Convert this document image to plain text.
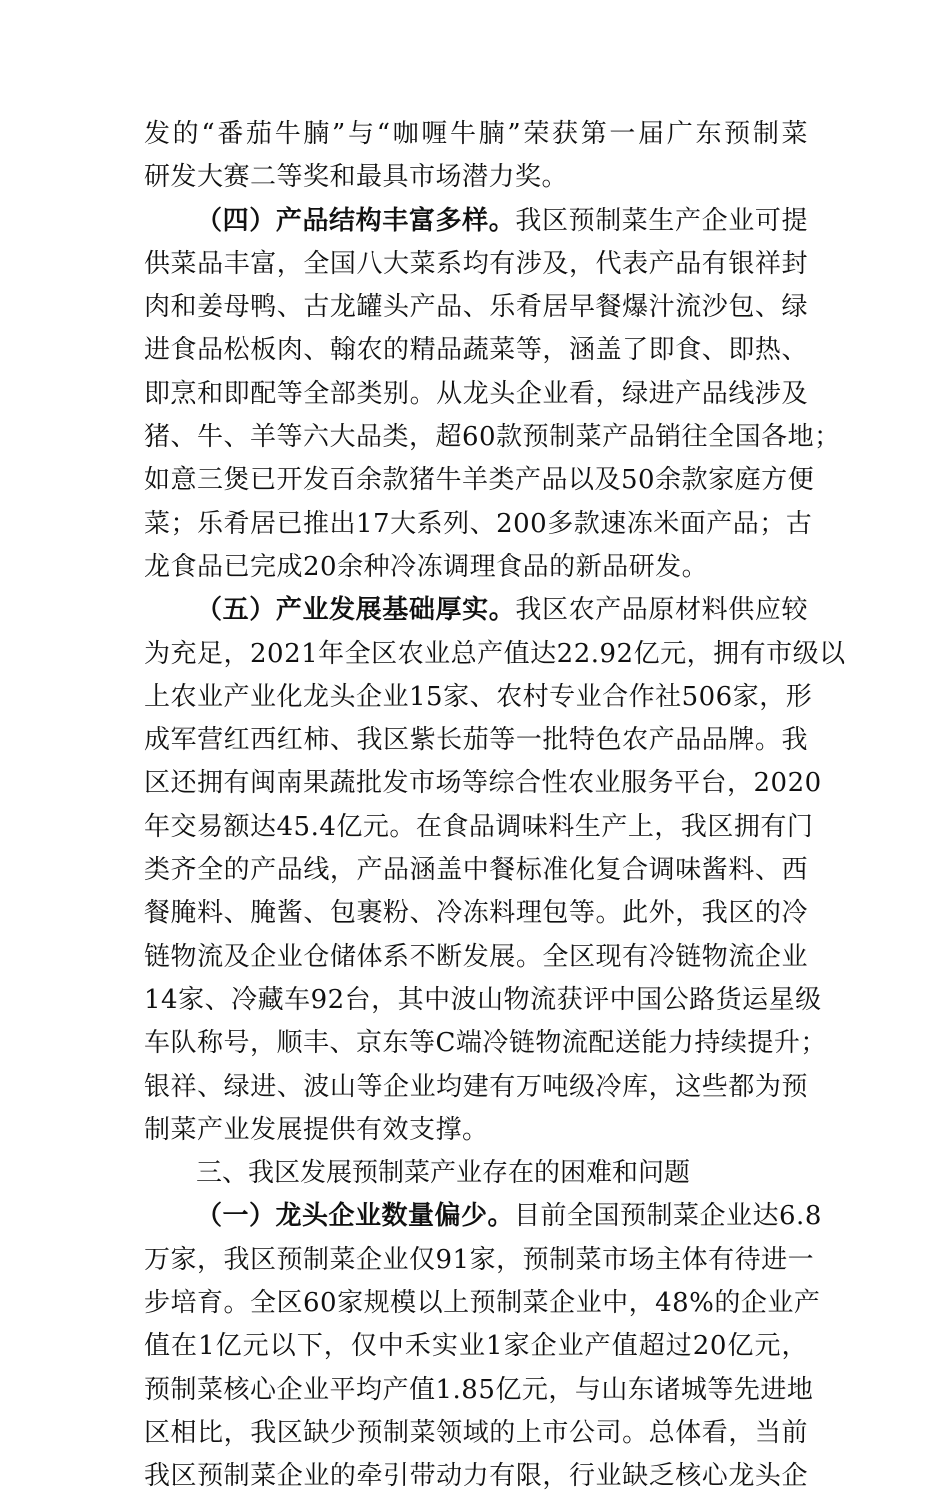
发的“番茄牛腩”与“咖喱牛腩”荣获第一届广东预制菜
研发大赛二等奖和最具市场潜力奖。
（四）产品结构丰富多样。我区预制菜生产企业可提
供菜品丰富，全国八大菜系均有涉及，代表产品有银祥封
肉和姜母鸭、古龙罐头产品、乐肴居早餐爆汁流沙包、绿
进食品松板肉、翰农的精品蔬菜等，涵盖了即食、即热、
即烹和即配等全部类别。从龙头企业看，绿进产品线涉及
猪、牛、羊等六大品类，超60款预制菜产品销往全国各地；
如意三煲已开发百余款猪牛羊类产品以及50余款家庭方便
菜；乐肴居已推出17大系列、200多款速冻米面产品；古
龙食品已完成20余种冷冻调理食品的新品研发。
（五）产业发展基础厚实。我区农产品原材料供应较
为充足，2021年全区农业总产值达22.92亿元，拥有市级以
上农业产业化龙头企业15家、农村专业合作社506家，形
成军营红西红柿、我区紫长茄等一批特色农产品品牌。我
区还拥有闽南果蔬批发市场等综合性农业服务平台，2020
年交易额达45.4亿元。在食品调味料生产上，我区拥有门
类齐全的产品线，产品涵盖中餐标准化复合调味酱料、西
餐腌料、腌酱、包裹粉、冷冻料理包等。此外，我区的冷
链物流及企业仓储体系不断发展。全区现有冷链物流企业
14家、冷藏车92台，其中波山物流获评中国公路货运星级
车队称号，顺丰、京东等C端冷链物流配送能力持续提升；
银祥、绿进、波山等企业均建有万吨级冷库，这些都为预
制菜产业发展提供有效支撑。
三、我区发展预制菜产业存在的困难和问题
（一）龙头企业数量偏少。目前全国预制菜企业达6.8
万家，我区预制菜企业仅91家，预制菜市场主体有待进一
步培育。全区60家规模以上预制菜企业中，48%的企业产
值在1亿元以下，仅中禾实业1家企业产值超过20亿元，
预制菜核心企业平均产值1.85亿元，与山东诸城等先进地
区相比，我区缺少预制菜领域的上市公司。总体看，当前
我区预制菜企业的牵引带动力有限，行业缺乏核心龙头企
